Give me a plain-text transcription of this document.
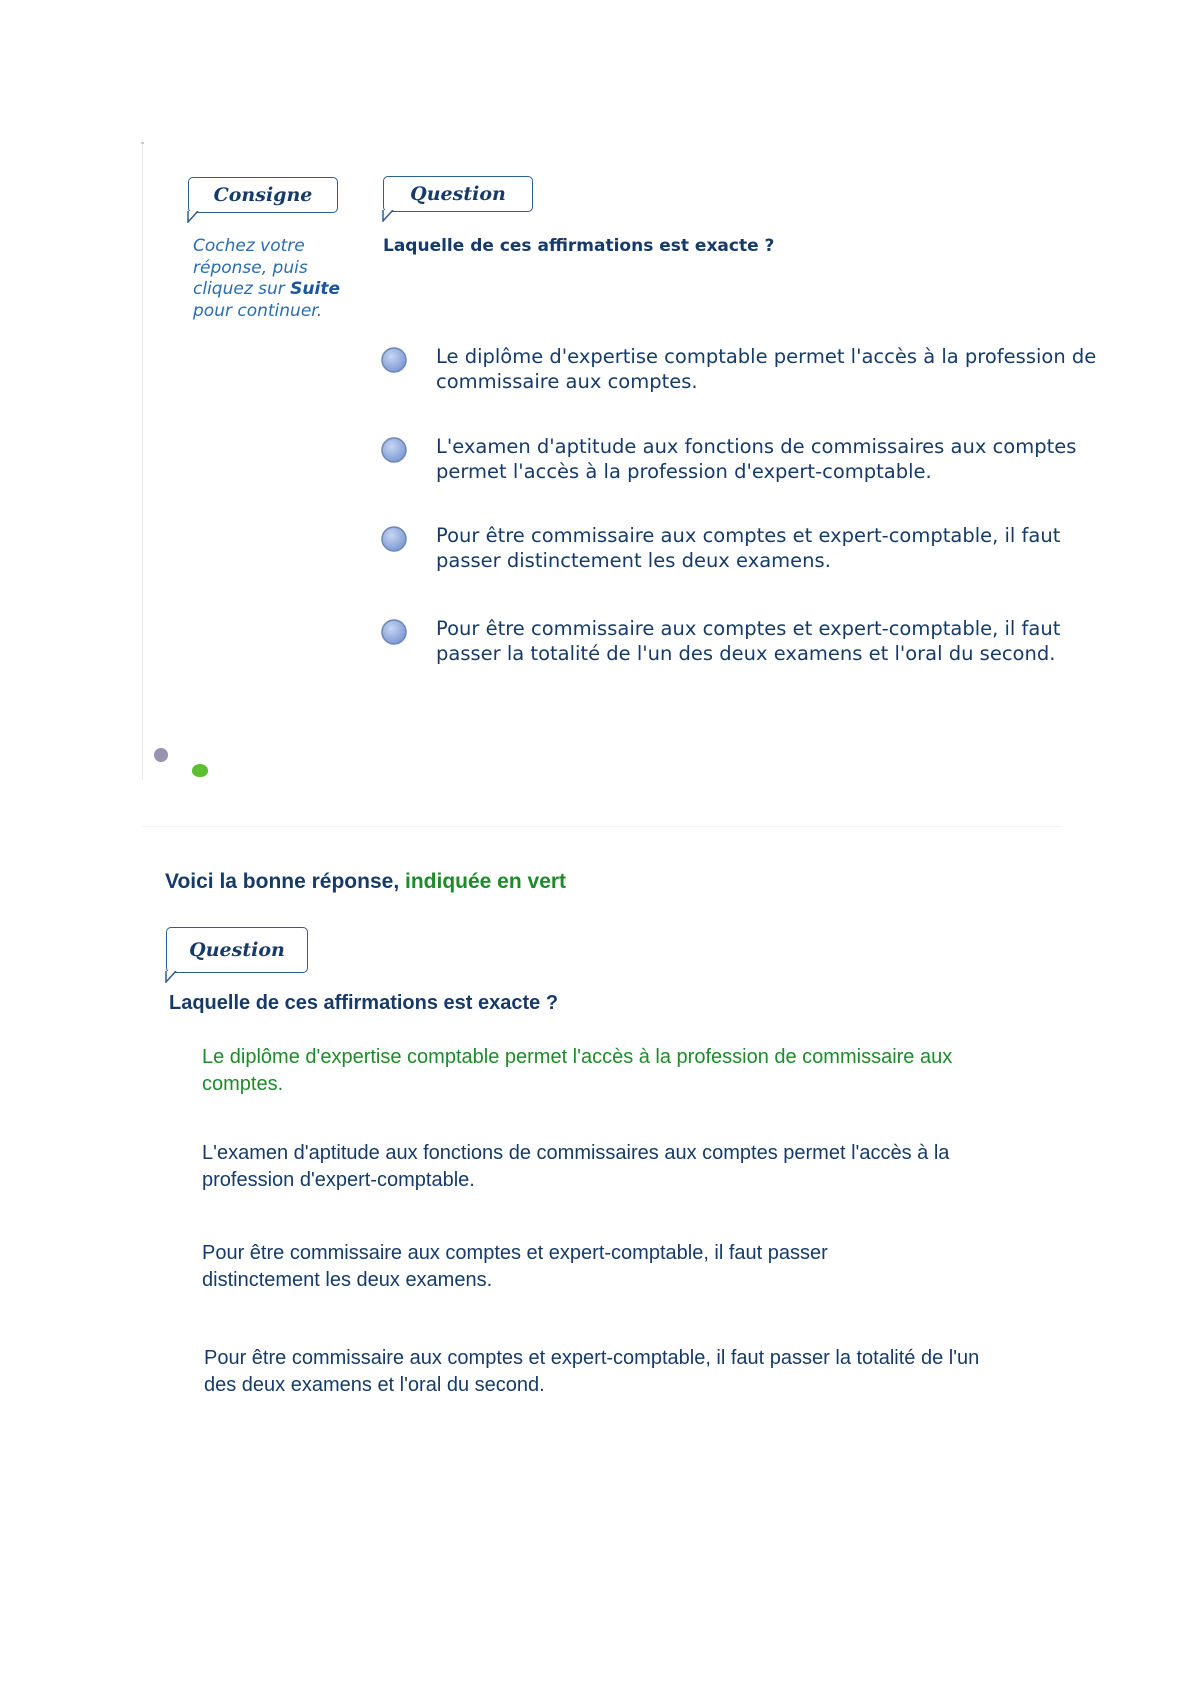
Consigne	Question
Cochez votre réponse, puis cliquez sur Suite pour continuer.
Laquelle de ces affirmations est exacte ?
Le diplôme d'expertise comptable permet l'accès à la profession de commissaire aux comptes.
L'examen d'aptitude aux fonctions de commissaires aux comptes permet l'accès à la profession d'expert-comptable.
Pour être commissaire aux comptes et expert-comptable, il faut passer distinctement les deux examens.
Pour être commissaire aux comptes et expert-comptable, il faut passer la totalité de l'un des deux examens et l'oral du second.
Voici la bonne réponse, indiquée en vert
Question
Laquelle de ces affirmations est exacte ?
Le diplôme d'expertise comptable permet l'accès à la profession de commissaire aux comptes.
L'examen d'aptitude aux fonctions de commissaires aux comptes permet l'accès à la profession d'expert-comptable.
Pour être commissaire aux comptes et expert-comptable, il faut passer distinctement les deux examens.
Pour être commissaire aux comptes et expert-comptable, il faut passer la totalité de l'un des deux examens et l'oral du second.
